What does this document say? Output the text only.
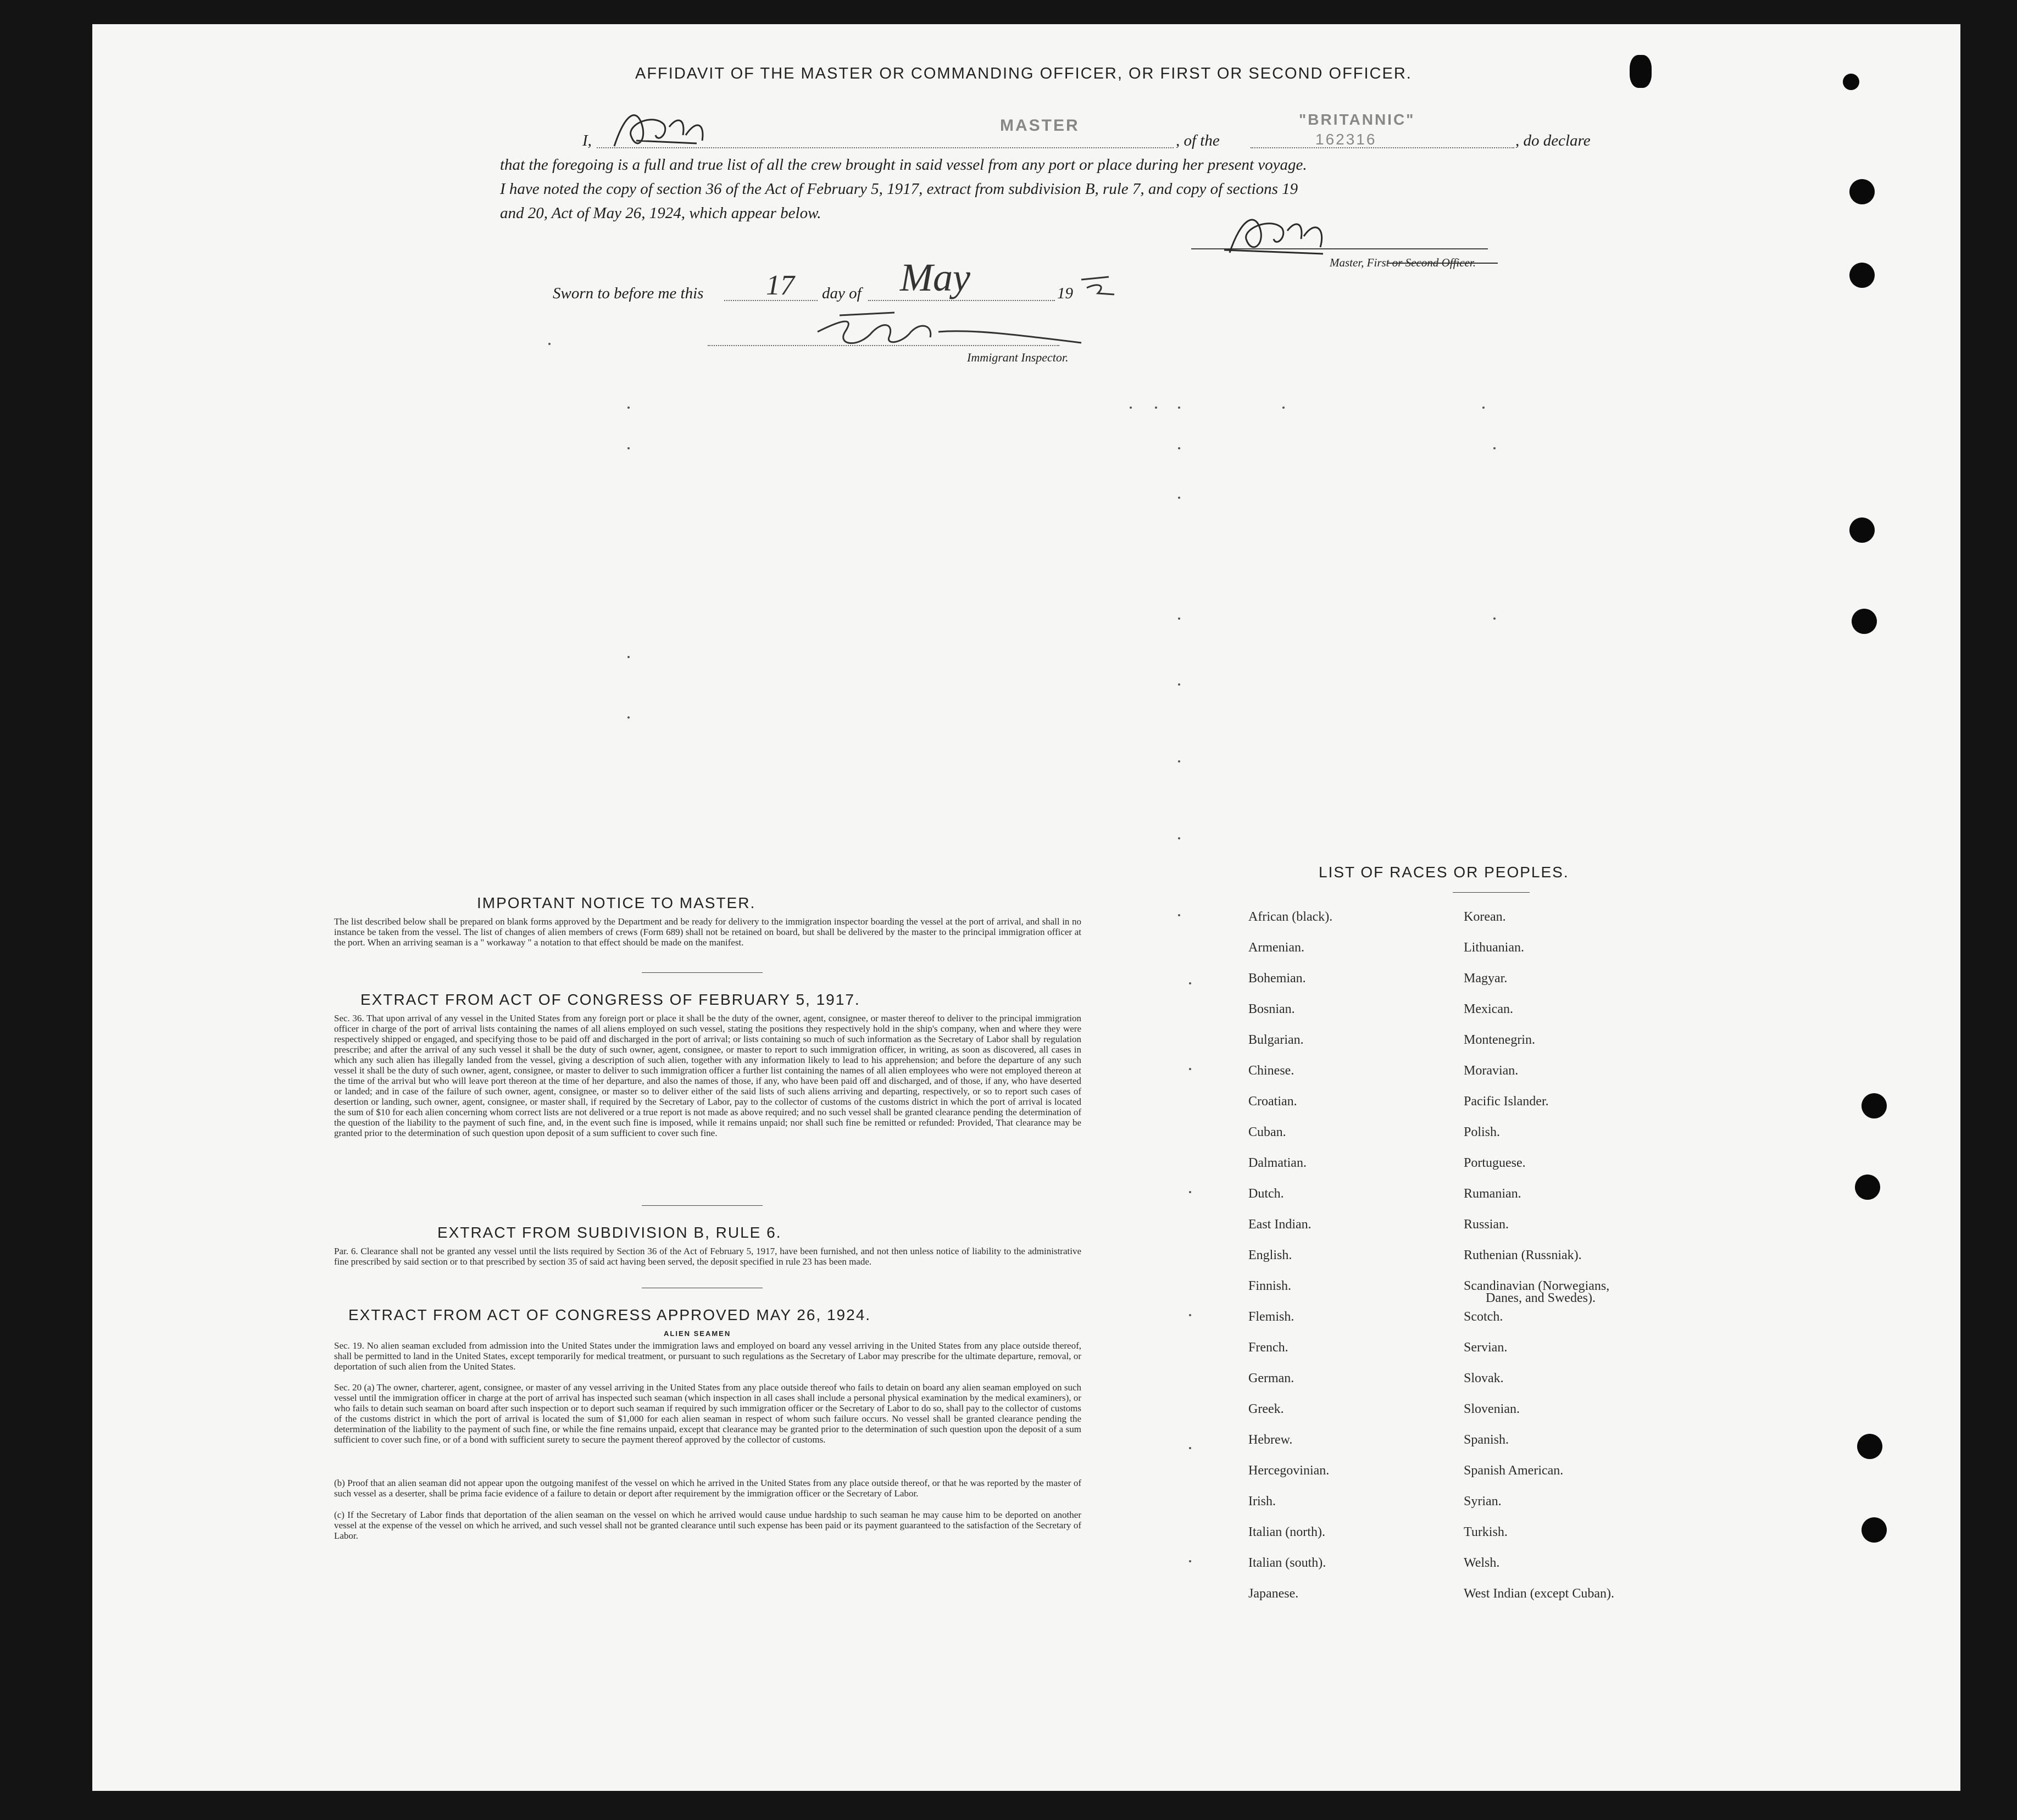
AFFIDAVIT OF THE MASTER OR COMMANDING OFFICER, OR FIRST OR SECOND OFFICER.
I,
MASTER
, of the
"BRITANNIC"
162316	, do declare
that the foregoing is a full and true list of all the crew brought in said vessel from any port or place during her present voyage.
I have noted the copy of section 36 of the Act of February 5, 1917, extract from subdivision B, rule 7, and copy of sections 19
and 20, Act of May 26, 1924, which appear below.
Master, First or Second Officer.
Sworn to before me this 17 day of May	19
Immigrant Inspector.
IMPORTANT NOTICE TO MASTER.
The list described below shall be prepared on blank forms approved by the Department and be ready for delivery to the immigration inspector boarding the vessel at the port of arrival, and shall in no instance be taken from the vessel. The list of changes of alien members of crews (Form 689) shall not be retained on board, but shall be delivered by the master to the principal immigration officer at the port. When an arriving seaman is a " workaway " a notation to that effect should be made on the manifest.
EXTRACT FROM ACT OF CONGRESS OF FEBRUARY 5, 1917.
Sec. 36. That upon arrival of any vessel in the United States from any foreign port or place it shall be the duty of the owner, agent, consignee, or master thereof to deliver to the principal immigration officer in charge of the port of arrival lists containing the names of all aliens employed on such vessel, stating the positions they respectively hold in the ship's company, when and where they were respectively shipped or engaged, and specifying those to be paid off and discharged in the port of arrival; or lists containing so much of such information as the Secretary of Labor shall by regulation prescribe; and after the arrival of any such vessel it shall be the duty of such owner, agent, consignee, or master to report to such immigration officer, in writing, as soon as discovered, all cases in which any such alien has illegally landed from the vessel, giving a description of such alien, together with any information likely to lead to his apprehension; and before the departure of any such vessel it shall be the duty of such owner, agent, consignee, or master to deliver to such immigration officer a further list containing the names of all alien employees who were not employed thereon at the time of the arrival but who will leave port thereon at the time of her departure, and also the names of those, if any, who have been paid off and discharged, and of those, if any, who have deserted or landed; and in case of the failure of such owner, agent, consignee, or master so to deliver either of the said lists of such aliens arriving and departing, respectively, or so to report such cases of desertion or landing, such owner, agent, consignee, or master shall, if required by the Secretary of Labor, pay to the collector of customs of the customs district in which the port of arrival is located the sum of $10 for each alien concerning whom correct lists are not delivered or a true report is not made as above required; and no such vessel shall be granted clearance pending the determination of the question of the liability to the payment of such fine, and, in the event such fine is imposed, while it remains unpaid; nor shall such fine be remitted or refunded: Provided, That clearance may be granted prior to the determination of such question upon deposit of a sum sufficient to cover such fine.
EXTRACT FROM SUBDIVISION B, RULE 6.
Par. 6. Clearance shall not be granted any vessel until the lists required by Section 36 of the Act of February 5, 1917, have been furnished, and not then unless notice of liability to the administrative fine prescribed by said section or to that prescribed by section 35 of said act having been served, the deposit specified in rule 23 has been made.
EXTRACT FROM ACT OF CONGRESS APPROVED MAY 26, 1924.
ALIEN SEAMEN
Sec. 19. No alien seaman excluded from admission into the United States under the immigration laws and employed on board any vessel arriving in the United States from any place outside thereof, shall be permitted to land in the United States, except temporarily for medical treatment, or pursuant to such regulations as the Secretary of Labor may prescribe for the ultimate departure, removal, or deportation of such alien from the United States.
Sec. 20 (a) The owner, charterer, agent, consignee, or master of any vessel arriving in the United States from any place outside thereof who fails to detain on board any alien seaman employed on such vessel until the immigration officer in charge at the port of arrival has inspected such seaman (which inspection in all cases shall include a personal physical examination by the medical examiners), or who fails to detain such seaman on board after such inspection or to deport such seaman if required by such immigration officer or the Secretary of Labor to do so, shall pay to the collector of customs of the customs district in which the port of arrival is located the sum of $1,000 for each alien seaman in respect of whom such failure occurs. No vessel shall be granted clearance pending the determination of the liability to the payment of such fine, or while the fine remains unpaid, except that clearance may be granted prior to the determination of such question upon the deposit of a sum sufficient to cover such fine, or of a bond with sufficient surety to secure the payment thereof approved by the collector of customs.
(b) Proof that an alien seaman did not appear upon the outgoing manifest of the vessel on which he arrived in the United States from any place outside thereof, or that he was reported by the master of such vessel as a deserter, shall be prima facie evidence of a failure to detain or deport after requirement by the immigration officer or the Secretary of Labor.
(c) If the Secretary of Labor finds that deportation of the alien seaman on the vessel on which he arrived would cause undue hardship to such seaman he may cause him to be deported on another vessel at the expense of the vessel on which he arrived, and such vessel shall not be granted clearance until such expense has been paid or its payment guaranteed to the satisfaction of the Secretary of Labor.
LIST OF RACES OR PEOPLES.
African (black).
Armenian.
Bohemian.
Bosnian.
Bulgarian.
Chinese.
Croatian.
Cuban.
Dalmatian.
Dutch.
East Indian.
English.
Finnish.
Flemish.
French.
German.
Greek.
Hebrew.
Hercegovinian.
Irish.
Italian (north).
Italian (south).
Japanese.
Korean.
Lithuanian.
Magyar.
Mexican.
Montenegrin.
Moravian.
Pacific Islander.
Polish.
Portuguese.
Rumanian.
Russian.
Ruthenian (Russniak).
Scandinavian (Norwegians,
Danes, and Swedes).
Scotch.
Servian.
Slovak.
Slovenian.
Spanish.
Spanish American.
Syrian.
Turkish.
Welsh.
West Indian (except Cuban).
